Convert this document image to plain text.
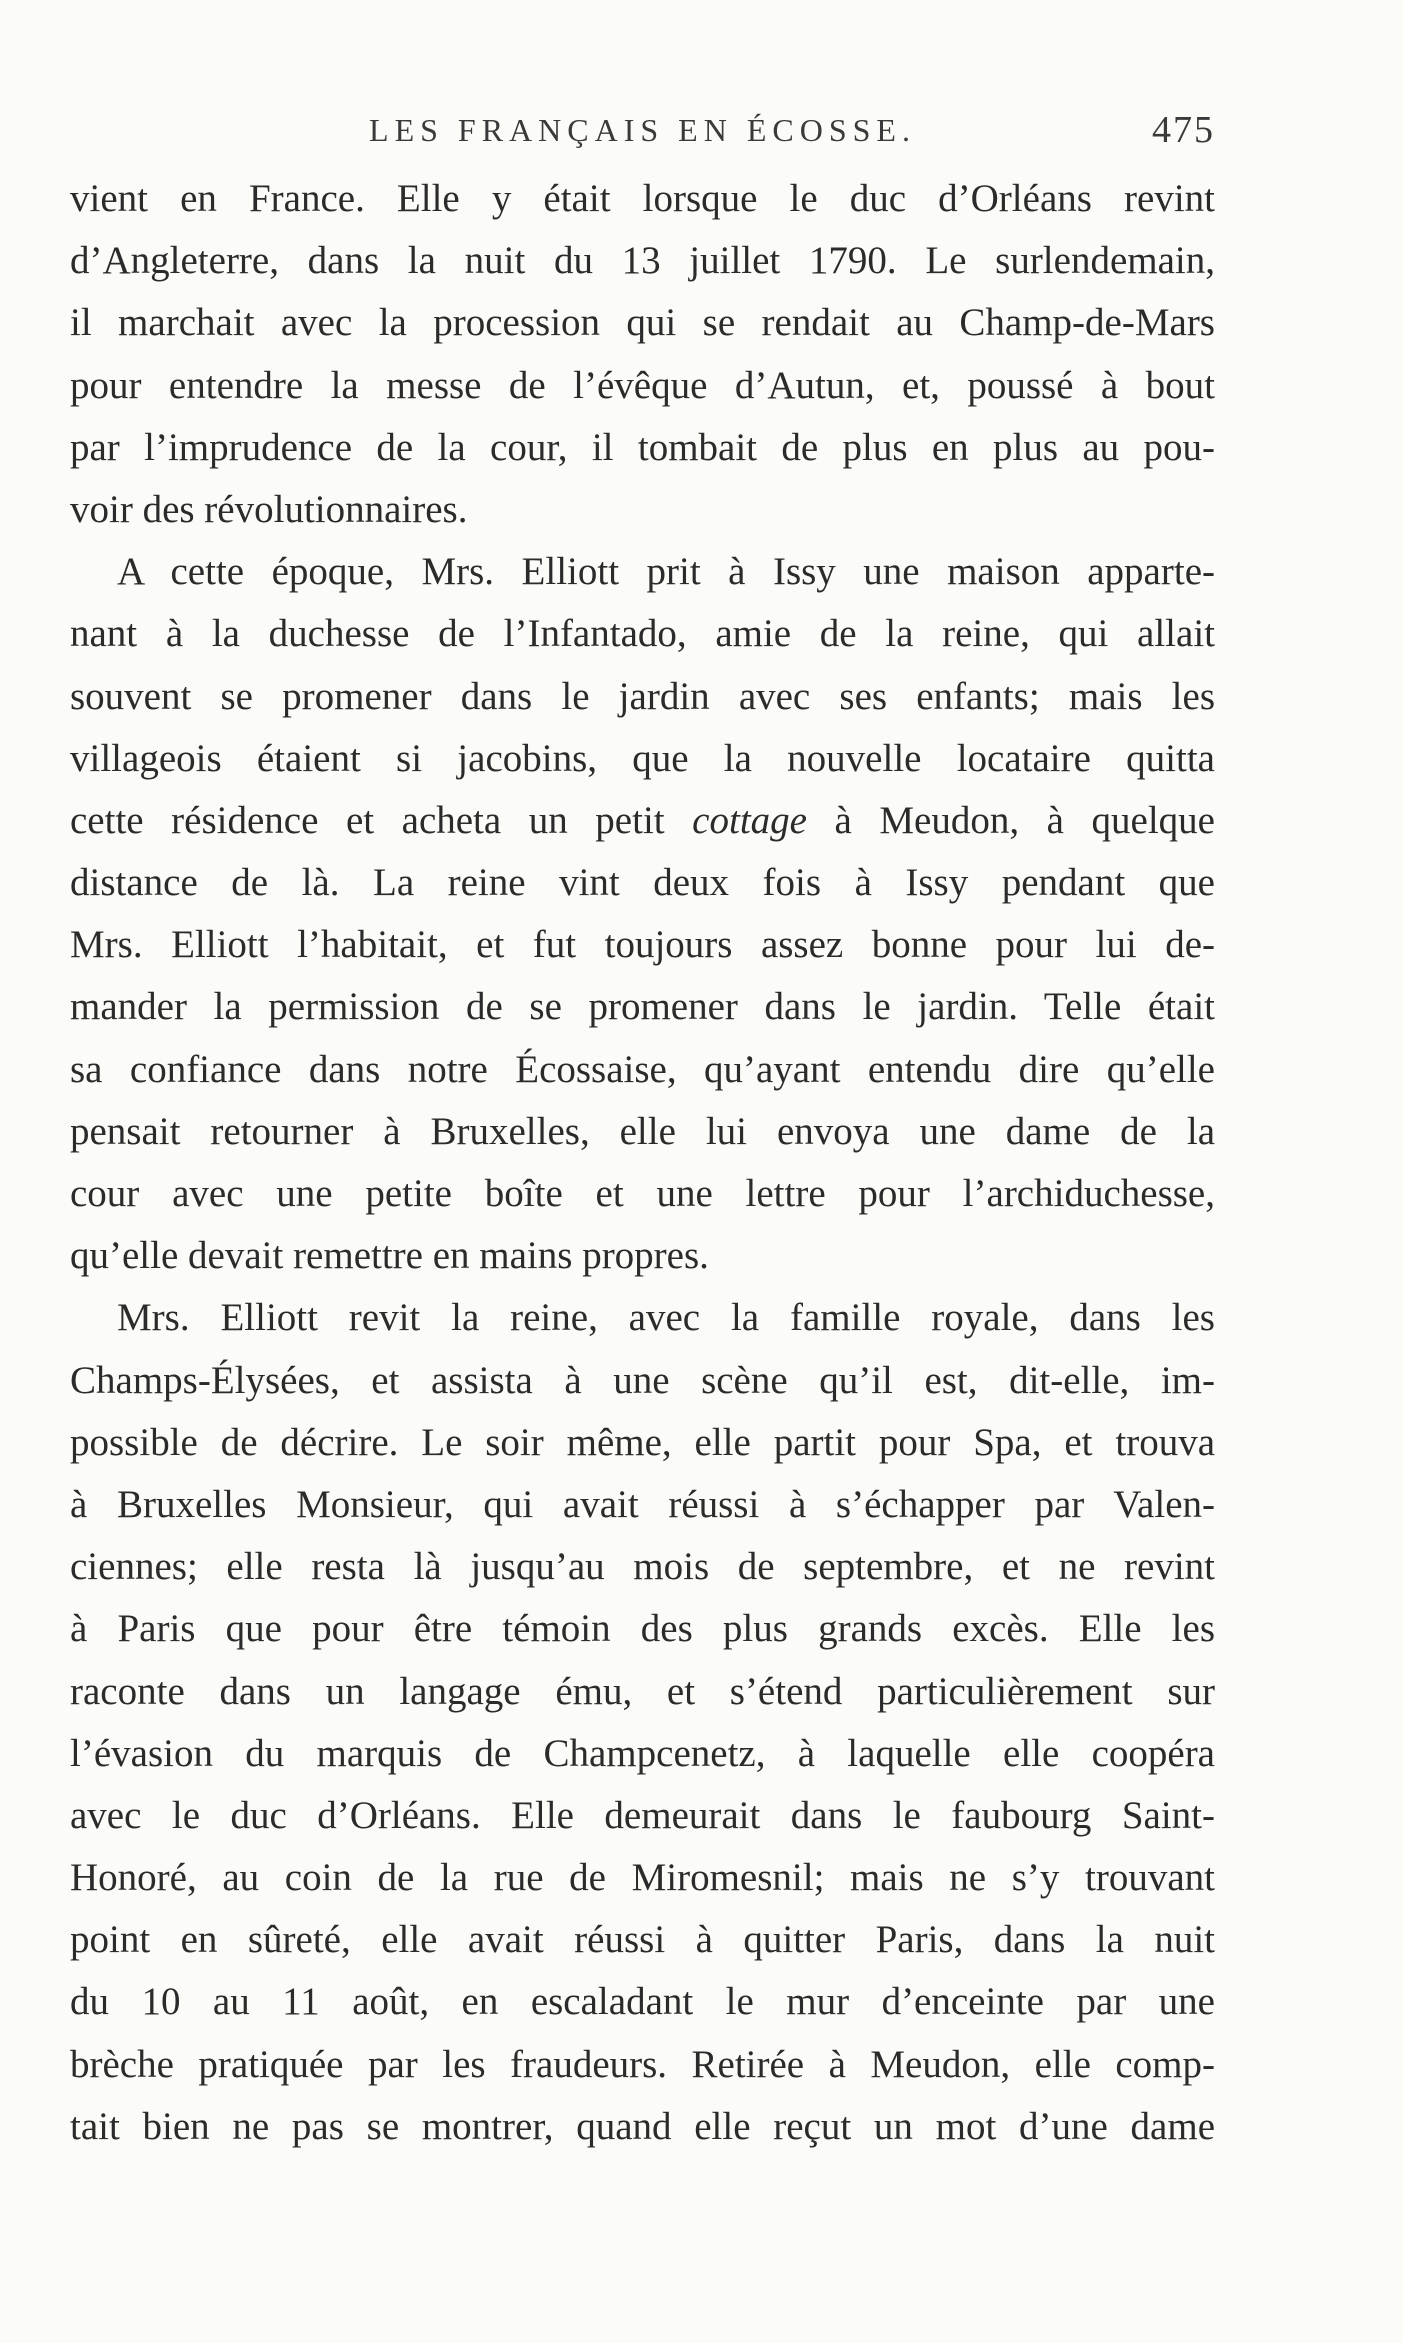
LES FRANÇAIS EN ÉCOSSE.	475
vient en France. Elle y était lorsque le duc d’Orléans revint
d’Angleterre, dans la nuit du 13 juillet 1790. Le surlendemain,
il marchait avec la procession qui se rendait au Champ-de-Mars
pour entendre la messe de l’évêque d’Autun, et, poussé à bout
par l’imprudence de la cour, il tombait de plus en plus au pou-
voir des révolutionnaires.
A cette époque, Mrs. Elliott prit à Issy une maison apparte-
nant à la duchesse de l’Infantado, amie de la reine, qui allait
souvent se promener dans le jardin avec ses enfants; mais les
villageois étaient si jacobins, que la nouvelle locataire quitta
cette résidence et acheta un petit cottage à Meudon, à quelque
distance de là. La reine vint deux fois à Issy pendant que
Mrs. Elliott l’habitait, et fut toujours assez bonne pour lui de-
mander la permission de se promener dans le jardin. Telle était
sa confiance dans notre Écossaise, qu’ayant entendu dire qu’elle
pensait retourner à Bruxelles, elle lui envoya une dame de la
cour avec une petite boîte et une lettre pour l’archiduchesse,
qu’elle devait remettre en mains propres.
Mrs. Elliott revit la reine, avec la famille royale, dans les
Champs-Élysées, et assista à une scène qu’il est, dit-elle, im-
possible de décrire. Le soir même, elle partit pour Spa, et trouva
à Bruxelles Monsieur, qui avait réussi à s’échapper par Valen-
ciennes; elle resta là jusqu’au mois de septembre, et ne revint
à Paris que pour être témoin des plus grands excès. Elle les
raconte dans un langage ému, et s’étend particulièrement sur
l’évasion du marquis de Champcenetz, à laquelle elle coopéra
avec le duc d’Orléans. Elle demeurait dans le faubourg Saint-
Honoré, au coin de la rue de Miromesnil; mais ne s’y trouvant
point en sûreté, elle avait réussi à quitter Paris, dans la nuit
du 10 au 11 août, en escaladant le mur d’enceinte par une
brèche pratiquée par les fraudeurs. Retirée à Meudon, elle comp-
tait bien ne pas se montrer, quand elle reçut un mot d’une dame
